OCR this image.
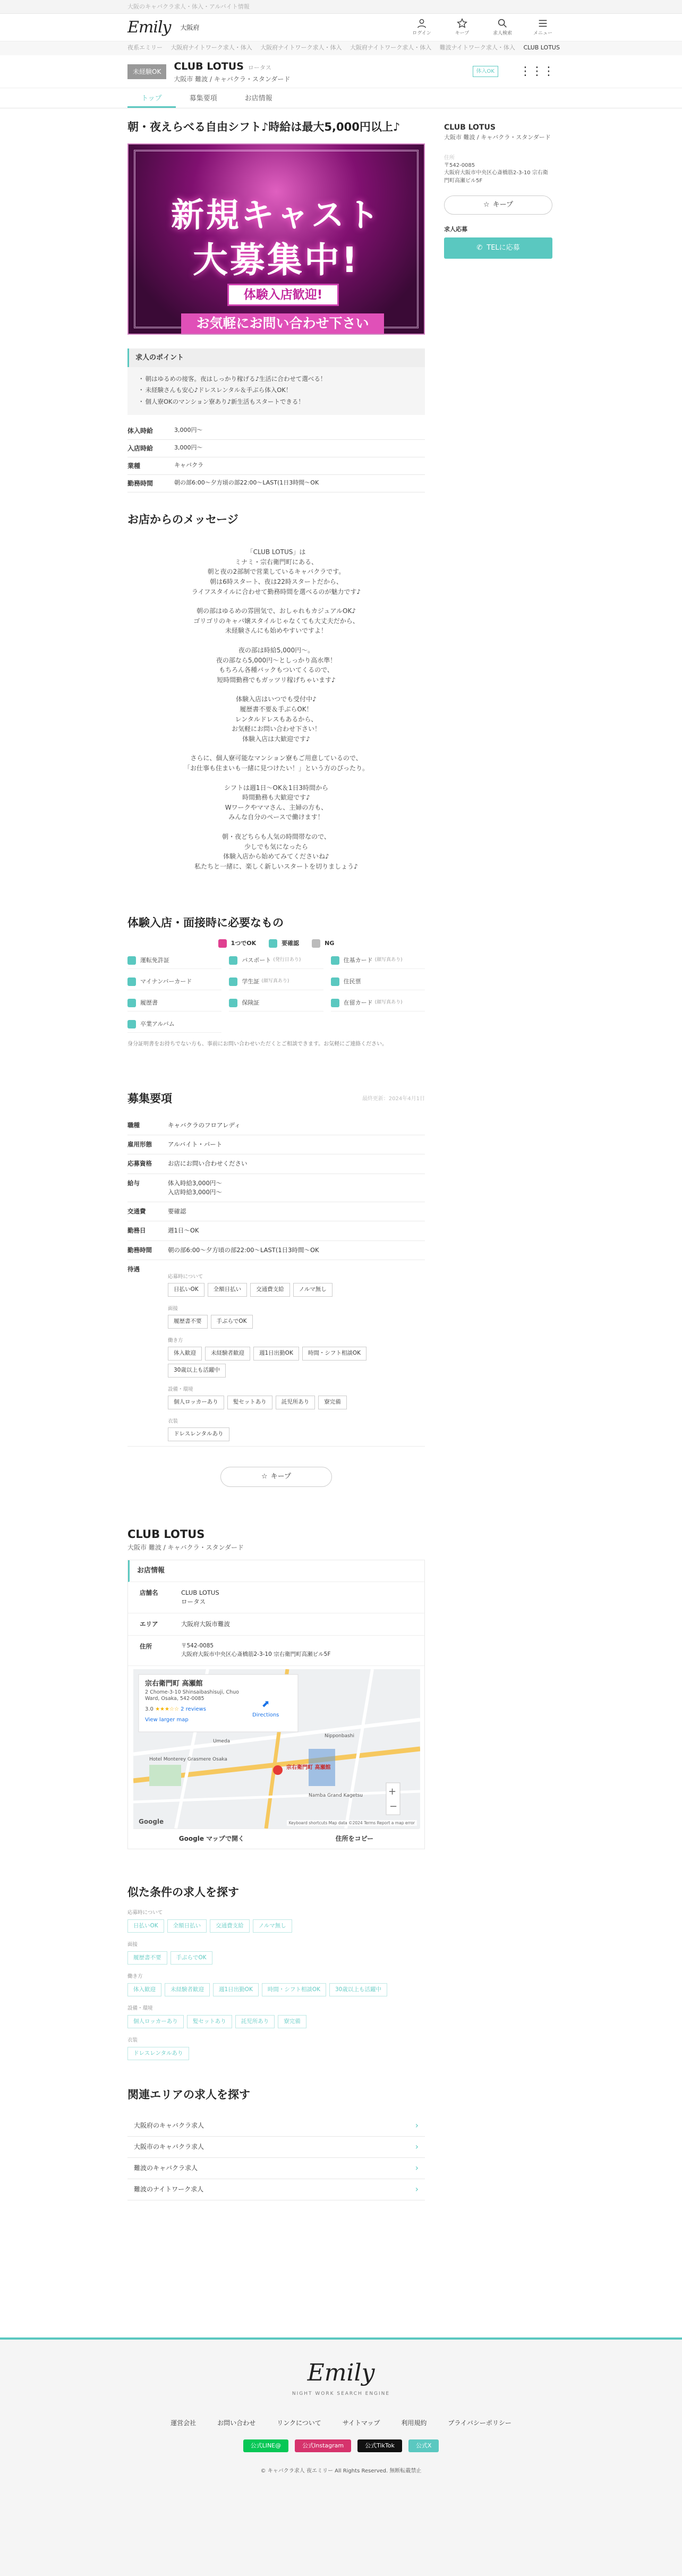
大阪のキャバクラ求人・体入・アルバイト情報
Emily 大阪府
ログイン	キープ	求人検索	メニュー
夜系エミリー 大阪府ナイトワーク求人・体入 大阪府ナイトワーク求人・体入 大阪府ナイトワーク求人・体入 難波ナイトワーク求人・体入 CLUB LOTUS
未経験OK	CLUB LOTUS ロータス
大阪市 難波 / キャバクラ・スタンダード
体入OK	⋮⋮⋮
トップ	募集要項	お店情報
朝・夜えらべる自由シフト♪時給は最大5,000円以上♪
新規キャスト
大募集中!
体験入店歓迎!
お気軽にお問い合わせ下さい
求人のポイント
・ 朝はゆるめの接客。夜はしっかり稼げる♪生活に合わせて選べる！
・ 未経験さんも安心♪ドレスレンタル＆手ぶら体入OK！
・ 個人寮OKのマンション寮あり♪新生活もスタートできる！
体入時給	3,000円〜
入店時給	3,000円〜
業種	キャバクラ
勤務時間	朝の部6:00〜夕方頃の部22:00〜LAST(1日3時間〜OK
お店からのメッセージ

「CLUB LOTUS」は
ミナミ・宗右衛門町にある、
朝と夜の2部制で営業しているキャバクラです。
朝は6時スタート、夜は22時スタートだから、
ライフスタイルに合わせて勤務時間を選べるのが魅力です♪

朝の部はゆるめの雰囲気で、おしゃれもカジュアルOK♪
ゴリゴリのキャバ嬢スタイルじゃなくても大丈夫だから、
未経験さんにも始めやすいですよ！

夜の部は時給5,000円〜。
夜の部なら5,000円〜としっかり高水準！
もちろん各種バックもついてくるので、
短時間勤務でもガッツリ稼げちゃいます♪

体験入店はいつでも受付中♪
履歴書不要＆手ぶらOK！
レンタルドレスもあるから、
お気軽にお問い合わせ下さい！
体験入店は大歓迎です♪

さらに、個人寮可能なマンション寮もご用意しているので、
「お仕事も住まいも一緒に見つけたい！」という方のぴったり。

シフトは週1日〜OK＆1日3時間から
時間勤務も大歓迎です♪
Wワークやママさん、主婦の方も、
みんな自分のペースで働けます！

朝・夜どちらも人気の時間帯なので、
少しでも気になったら
体験入店から始めてみてくださいね♪
私たちと一緒に、楽しく新しいスタートを切りましょう♪

体験入店・面接時に必要なもの
1つでOK	要確認	NG
運転免許証	パスポート (発行日あり)	住基カード (顔写真あり)
マイナンバーカード	学生証 (顔写真あり)	住民票
履歴書	保険証	在留カード (顔写真あり)
卒業アルバム
身分証明書をお持ちでない方も、事前にお問い合わせいただくとご相談できます。お気軽にご連絡ください。
募集要項	最終更新：2024年4月1日
職種	キャバクラのフロアレディ
雇用形態	アルバイト・パート
応募資格	お店にお問い合わせください
給与	体入時給3,000円〜
入店時給3,000円〜
交通費	要確認
勤務日	週1日〜OK
勤務時間	朝の部6:00〜夕方頃の部22:00〜LAST(1日3時間〜OK
待遇	
応募時について
日払いOK	全額日払い	交通費支給	ノルマ無し
面接
履歴書不要	手ぶらでOK
働き方
体入歓迎	未経験者歓迎	週1日出勤OK	時間・シフト相談OK
30歳以上も活躍中
設備・環境
個人ロッカーあり	髪セットあり	託児所あり	寮完備
衣装
ドレスレンタルあり
☆ キープ
CLUB LOTUS
大阪市 難波 / キャバクラ・スタンダード
お店情報
店舗名	CLUB LOTUS
ロータス
エリア	大阪府大阪市難波
住所	〒542-0085
大阪府大阪市中央区心斎橋筋2-3-10 宗右衛門町高瀬ビル5F
+
−
宗右衛門町 高瀬館
2 Chome-3-10 Shinsaibashisuji, Chuo Ward, Osaka, 542-0085
3.0 ★★★☆☆ 2 reviews
View larger map
⬈
Directions
宗右衛門町 高瀬館
Hotel Monterey Grasmere Osaka
Namba Grand Kagetsu
Umeda
Nipponbashi
Google	Keyboard shortcuts Map data ©2024 Terms Report a map error
Google マップで開く	住所をコピー
似た条件の求人を探す
応募時について
日払いOK	全額日払い	交通費支給	ノルマ無し
面接
履歴書不要	手ぶらでOK
働き方
体入歓迎	未経験者歓迎	週1日出勤OK	時間・シフト相談OK	30歳以上も活躍中
設備・環境
個人ロッカーあり	髪セットあり	託児所あり	寮完備
衣装
ドレスレンタルあり
関連エリアの求人を探す
大阪府のキャバクラ求人	›
大阪市のキャバクラ求人	›
難波のキャバクラ求人	›
難波のナイトワーク求人	›
CLUB LOTUS
大阪市 難波 / キャバクラ・スタンダード
住所
〒542-0085
大阪府大阪市中央区心斎橋筋2-3-10 宗右衛門町高瀬ビル5F
☆ キープ
求人応募
✆ TELに応募
Emily
NIGHT WORK SEARCH ENGINE
運営会社	お問い合わせ	リンクについて	サイトマップ	利用規約	プライバシーポリシー
公式LINE@	公式Instagram	公式TikTok	公式X
© キャバクラ求人 夜エミリー All Rights Reserved. 無断転載禁止
